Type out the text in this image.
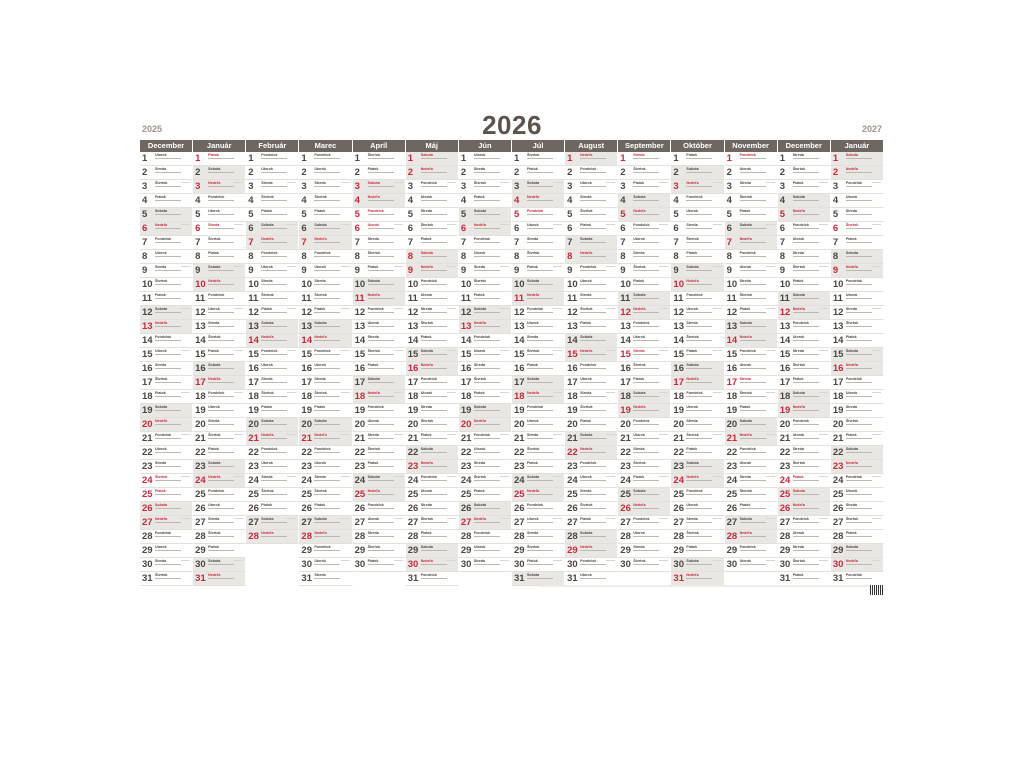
2025	2026	2027
December
1	Utorok
2	Streda
3	Štvrtok
4	Piatok
5	Sobota
6	Nedeľa
7	Pondelok
8	Utorok
9	Streda
10 Štvrtok
11 Piatok
12 Sobota
13 Nedeľa
14 Pondelok
15 Utorok
16 Streda
17 Štvrtok
18 Piatok
19 Sobota
20 Nedeľa
21 Pondelok
22 Utorok
23 Streda
24 Štvrtok
25 Piatok
26 Sobota
27 Nedeľa
28 Pondelok
29 Utorok
30 Streda
31 Štvrtok
Január
1	Piatok
2	Sobota
3	Nedeľa
4	Pondelok
5	Utorok
6	Streda
7	Štvrtok
8	Piatok
9	Sobota
10 Nedeľa
11 Pondelok
12 Utorok
13 Streda
14 Štvrtok
15 Piatok
16 Sobota
17 Nedeľa
18 Pondelok
19 Utorok
20 Streda
21 Štvrtok
22 Piatok
23 Sobota
24 Nedeľa
25 Pondelok
26 Utorok
27 Streda
28 Štvrtok
29 Piatok
30 Sobota
31 Nedeľa
Február
1	Pondelok
2	Utorok
3	Streda
4	Štvrtok
5	Piatok
6	Sobota
7	Nedeľa
8	Pondelok
9	Utorok
10 Streda
11 Štvrtok
12 Piatok
13 Sobota
14 Nedeľa
15 Pondelok
16 Utorok
17 Streda
18 Štvrtok
19 Piatok
20 Sobota
21 Nedeľa
22 Pondelok
23 Utorok
24 Streda
25 Štvrtok
26 Piatok
27 Sobota
28 Nedeľa
Marec
1	Pondelok
2	Utorok
3	Streda
4	Štvrtok
5	Piatok
6	Sobota
7	Nedeľa
8	Pondelok
9	Utorok
10 Streda
11 Štvrtok
12 Piatok
13 Sobota
14 Nedeľa
15 Pondelok
16 Utorok
17 Streda
18 Štvrtok
19 Piatok
20 Sobota
21 Nedeľa
22 Pondelok
23 Utorok
24 Streda
25 Štvrtok
26 Piatok
27 Sobota
28 Nedeľa
29 Pondelok
30 Utorok
31 Streda
Apríl
1	Štvrtok
2	Piatok
3	Sobota
4	Nedeľa
5	Pondelok
6	Utorok
7	Streda
8	Štvrtok
9	Piatok
10 Sobota
11 Nedeľa
12 Pondelok
13 Utorok
14 Streda
15 Štvrtok
16 Piatok
17 Sobota
18 Nedeľa
19 Pondelok
20 Utorok
21 Streda
22 Štvrtok
23 Piatok
24 Sobota
25 Nedeľa
26 Pondelok
27 Utorok
28 Streda
29 Štvrtok
30 Piatok
Máj
1	Sobota
2	Nedeľa
3	Pondelok
4	Utorok
5	Streda
6	Štvrtok
7	Piatok
8	Sobota
9	Nedeľa
10 Pondelok
11 Utorok
12 Streda
13 Štvrtok
14 Piatok
15 Sobota
16 Nedeľa
17 Pondelok
18 Utorok
19 Streda
20 Štvrtok
21 Piatok
22 Sobota
23 Nedeľa
24 Pondelok
25 Utorok
26 Streda
27 Štvrtok
28 Piatok
29 Sobota
30 Nedeľa
31 Pondelok
Jún
1	Utorok
2	Streda
3	Štvrtok
4	Piatok
5	Sobota
6	Nedeľa
7	Pondelok
8	Utorok
9	Streda
10 Štvrtok
11 Piatok
12 Sobota
13 Nedeľa
14 Pondelok
15 Utorok
16 Streda
17 Štvrtok
18 Piatok
19 Sobota
20 Nedeľa
21 Pondelok
22 Utorok
23 Streda
24 Štvrtok
25 Piatok
26 Sobota
27 Nedeľa
28 Pondelok
29 Utorok
30 Streda
Júl
1	Štvrtok
2	Piatok
3	Sobota
4	Nedeľa
5	Pondelok
6	Utorok
7	Streda
8	Štvrtok
9	Piatok
10 Sobota
11 Nedeľa
12 Pondelok
13 Utorok
14 Streda
15 Štvrtok
16 Piatok
17 Sobota
18 Nedeľa
19 Pondelok
20 Utorok
21 Streda
22 Štvrtok
23 Piatok
24 Sobota
25 Nedeľa
26 Pondelok
27 Utorok
28 Streda
29 Štvrtok
30 Piatok
31 Sobota
August
1	Nedeľa
2	Pondelok
3	Utorok
4	Streda
5	Štvrtok
6	Piatok
7	Sobota
8	Nedeľa
9	Pondelok
10 Utorok
11 Streda
12 Štvrtok
13 Piatok
14 Sobota
15 Nedeľa
16 Pondelok
17 Utorok
18 Streda
19 Štvrtok
20 Piatok
21 Sobota
22 Nedeľa
23 Pondelok
24 Utorok
25 Streda
26 Štvrtok
27 Piatok
28 Sobota
29 Nedeľa
30 Pondelok
31 Utorok
September
1	Streda
2	Štvrtok
3	Piatok
4	Sobota
5	Nedeľa
6	Pondelok
7	Utorok
8	Streda
9	Štvrtok
10 Piatok
11 Sobota
12 Nedeľa
13 Pondelok
14 Utorok
15 Streda
16 Štvrtok
17 Piatok
18 Sobota
19 Nedeľa
20 Pondelok
21 Utorok
22 Streda
23 Štvrtok
24 Piatok
25 Sobota
26 Nedeľa
27 Pondelok
28 Utorok
29 Streda
30 Štvrtok
Október
1	Piatok
2	Sobota
3	Nedeľa
4	Pondelok
5	Utorok
6	Streda
7	Štvrtok
8	Piatok
9	Sobota
10 Nedeľa
11 Pondelok
12 Utorok
13 Streda
14 Štvrtok
15 Piatok
16 Sobota
17 Nedeľa
18 Pondelok
19 Utorok
20 Streda
21 Štvrtok
22 Piatok
23 Sobota
24 Nedeľa
25 Pondelok
26 Utorok
27 Streda
28 Štvrtok
29 Piatok
30 Sobota
31 Nedeľa
November
1	Pondelok
2	Utorok
3	Streda
4	Štvrtok
5	Piatok
6	Sobota
7	Nedeľa
8	Pondelok
9	Utorok
10 Streda
11 Štvrtok
12 Piatok
13 Sobota
14 Nedeľa
15 Pondelok
16 Utorok
17 Streda
18 Štvrtok
19 Piatok
20 Sobota
21 Nedeľa
22 Pondelok
23 Utorok
24 Streda
25 Štvrtok
26 Piatok
27 Sobota
28 Nedeľa
29 Pondelok
30 Utorok
December
1	Streda
2	Štvrtok
3	Piatok
4	Sobota
5	Nedeľa
6	Pondelok
7	Utorok
8	Streda
9	Štvrtok
10 Piatok
11 Sobota
12 Nedeľa
13 Pondelok
14 Utorok
15 Streda
16 Štvrtok
17 Piatok
18 Sobota
19 Nedeľa
20 Pondelok
21 Utorok
22 Streda
23 Štvrtok
24 Piatok
25 Sobota
26 Nedeľa
27 Pondelok
28 Utorok
29 Streda
30 Štvrtok
31 Piatok
Január
1	Sobota
2	Nedeľa
3	Pondelok
4	Utorok
5	Streda
6	Štvrtok
7	Piatok
8	Sobota
9	Nedeľa
10 Pondelok
11 Utorok
12 Streda
13 Štvrtok
14 Piatok
15 Sobota
16 Nedeľa
17 Pondelok
18 Utorok
19 Streda
20 Štvrtok
21 Piatok
22 Sobota
23 Nedeľa
24 Pondelok
25 Utorok
26 Streda
27 Štvrtok
28 Piatok
29 Sobota
30 Nedeľa
31 Pondelok
